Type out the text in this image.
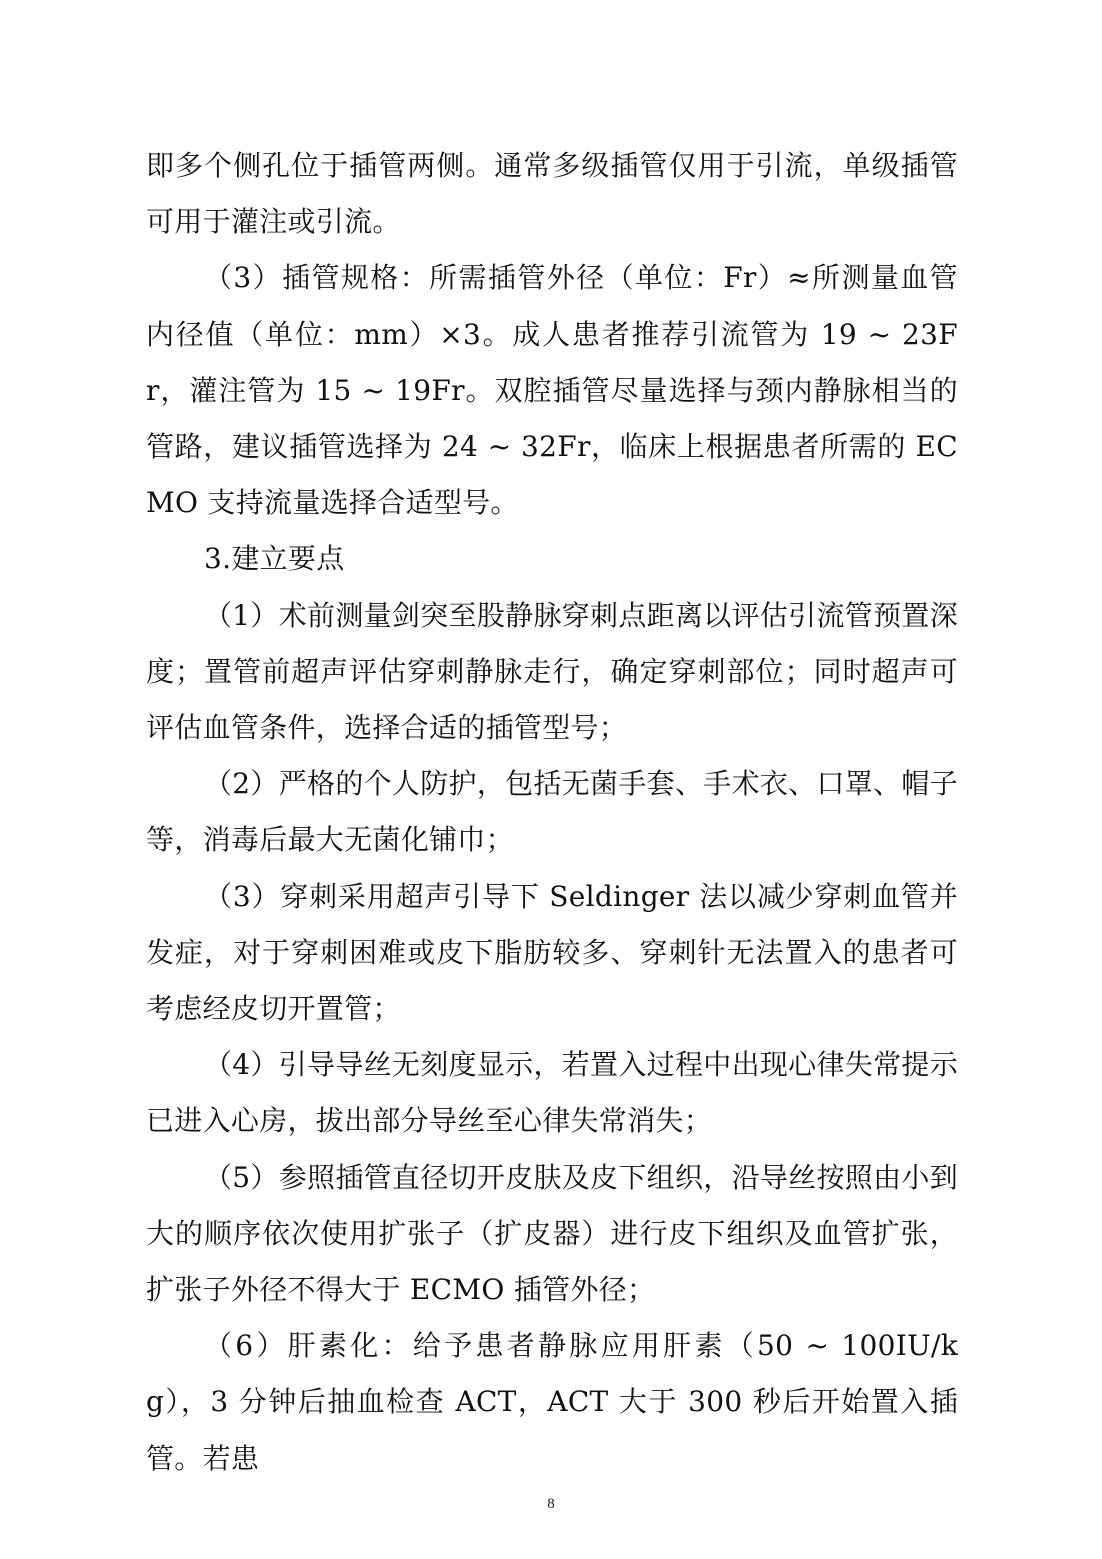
即多个侧孔位于插管两侧。通常多级插管仅用于引流，单级插管可用于灌注或引流。

（3）插管规格：所需插管外径（单位：Fr）≈所测量血管内径值（单位：mm）×3。成人患者推荐引流管为 19 ~ 23Fr，灌注管为 15 ~ 19Fr。双腔插管尽量选择与颈内静脉相当的管路，建议插管选择为 24 ~ 32Fr，临床上根据患者所需的 ECMO 支持流量选择合适型号。

3.建立要点

（1）术前测量剑突至股静脉穿刺点距离以评估引流管预置深度；置管前超声评估穿刺静脉走行，确定穿刺部位；同时超声可评估血管条件，选择合适的插管型号；

（2）严格的个人防护，包括无菌手套、手术衣、口罩、帽子等，消毒后最大无菌化铺巾；

（3）穿刺采用超声引导下 Seldinger 法以减少穿刺血管并发症，对于穿刺困难或皮下脂肪较多、穿刺针无法置入的患者可考虑经皮切开置管；

（4）引导导丝无刻度显示，若置入过程中出现心律失常提示已进入心房，拔出部分导丝至心律失常消失；

（5）参照插管直径切开皮肤及皮下组织，沿导丝按照由小到大的顺序依次使用扩张子（扩皮器）进行皮下组织及血管扩张，扩张子外径不得大于 ECMO 插管外径；

（6）肝素化：给予患者静脉应用肝素（50 ~ 100IU/kg），3 分钟后抽血检查 ACT，ACT 大于 300 秒后开始置入插管。若患

8
